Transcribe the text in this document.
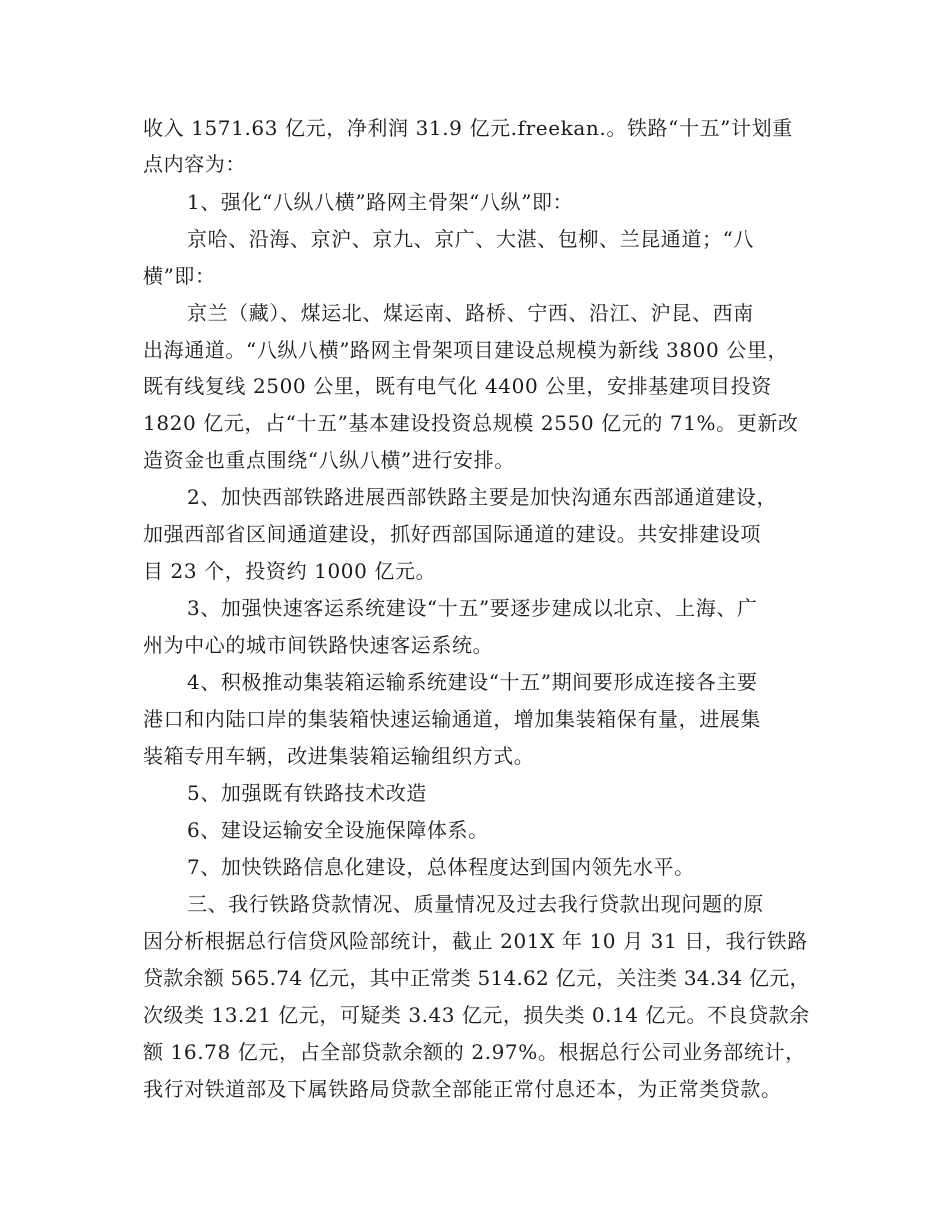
收入 1571.63 亿元，净利润 31.9 亿元.freekan.。铁路“十五”计划重
点内容为：
1、强化“八纵八横”路网主骨架“八纵”即：
京哈、沿海、京沪、京九、京广、大湛、包柳、兰昆通道；“八
横”即：
京兰（藏）、煤运北、煤运南、路桥、宁西、沿江、沪昆、西南
出海通道。“八纵八横”路网主骨架项目建设总规模为新线 3800 公里，
既有线复线 2500 公里，既有电气化 4400 公里，安排基建项目投资
1820 亿元，占“十五”基本建设投资总规模 2550 亿元的 71%。更新改
造资金也重点围绕“八纵八横”进行安排。
2、加快西部铁路进展西部铁路主要是加快沟通东西部通道建设，
加强西部省区间通道建设，抓好西部国际通道的建设。共安排建设项
目 23 个，投资约 1000 亿元。
3、加强快速客运系统建设“十五”要逐步建成以北京、上海、广
州为中心的城市间铁路快速客运系统。
4、积极推动集装箱运输系统建设“十五”期间要形成连接各主要
港口和内陆口岸的集装箱快速运输通道，增加集装箱保有量，进展集
装箱专用车辆，改进集装箱运输组织方式。
5、加强既有铁路技术改造
6、建设运输安全设施保障体系。
7、加快铁路信息化建设，总体程度达到国内领先水平。
三、我行铁路贷款情况、质量情况及过去我行贷款出现问题的原
因分析根据总行信贷风险部统计，截止 201X 年 10 月 31 日，我行铁路
贷款余额 565.74 亿元，其中正常类 514.62 亿元，关注类 34.34 亿元，
次级类 13.21 亿元，可疑类 3.43 亿元，损失类 0.14 亿元。不良贷款余
额 16.78 亿元，占全部贷款余额的 2.97%。根据总行公司业务部统计，
我行对铁道部及下属铁路局贷款全部能正常付息还本，为正常类贷款。
